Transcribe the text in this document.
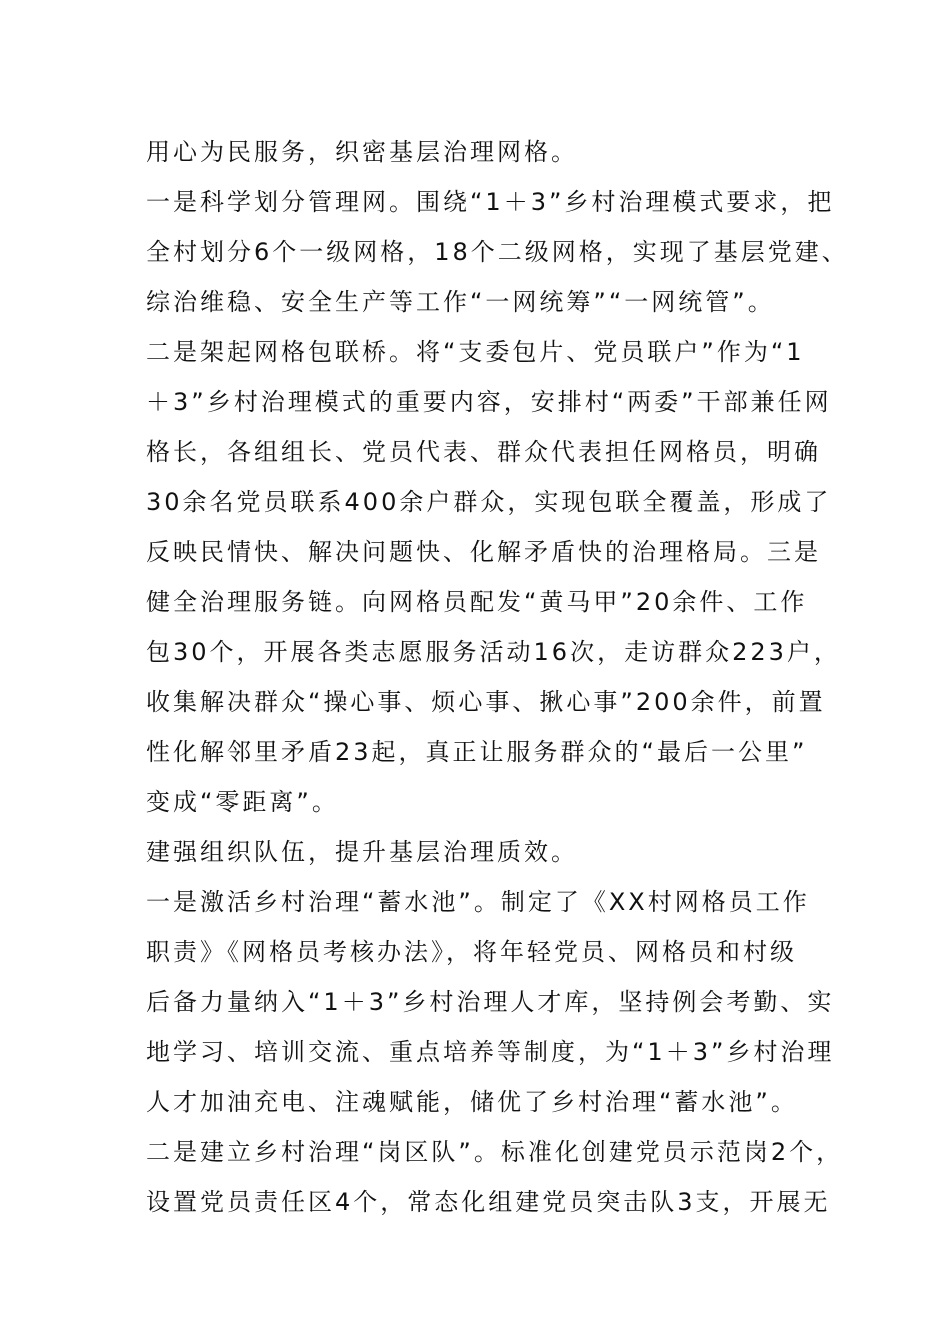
用心为民服务，织密基层治理网格。
一是科学划分管理网。围绕“1＋3”乡村治理模式要求，把
全村划分6个一级网格，18个二级网格，实现了基层党建、
综治维稳、安全生产等工作“一网统筹”“一网统管”。
二是架起网格包联桥。将“支委包片、党员联户”作为“1
＋3”乡村治理模式的重要内容，安排村“两委”干部兼任网
格长，各组组长、党员代表、群众代表担任网格员，明确
30余名党员联系400余户群众，实现包联全覆盖，形成了
反映民情快、解决问题快、化解矛盾快的治理格局。三是
健全治理服务链。向网格员配发“黄马甲”20余件、工作
包30个，开展各类志愿服务活动16次，走访群众223户，
收集解决群众“操心事、烦心事、揪心事”200余件，前置
性化解邻里矛盾23起，真正让服务群众的“最后一公里”
变成“零距离”。
建强组织队伍，提升基层治理质效。
一是激活乡村治理“蓄水池”。制定了《XX村网格员工作
职责》《网格员考核办法》，将年轻党员、网格员和村级
后备力量纳入“1＋3”乡村治理人才库，坚持例会考勤、实
地学习、培训交流、重点培养等制度，为“1＋3”乡村治理
人才加油充电、注魂赋能，储优了乡村治理“蓄水池”。
二是建立乡村治理“岗区队”。标准化创建党员示范岗2个，
设置党员责任区4个，常态化组建党员突击队3支，开展无
